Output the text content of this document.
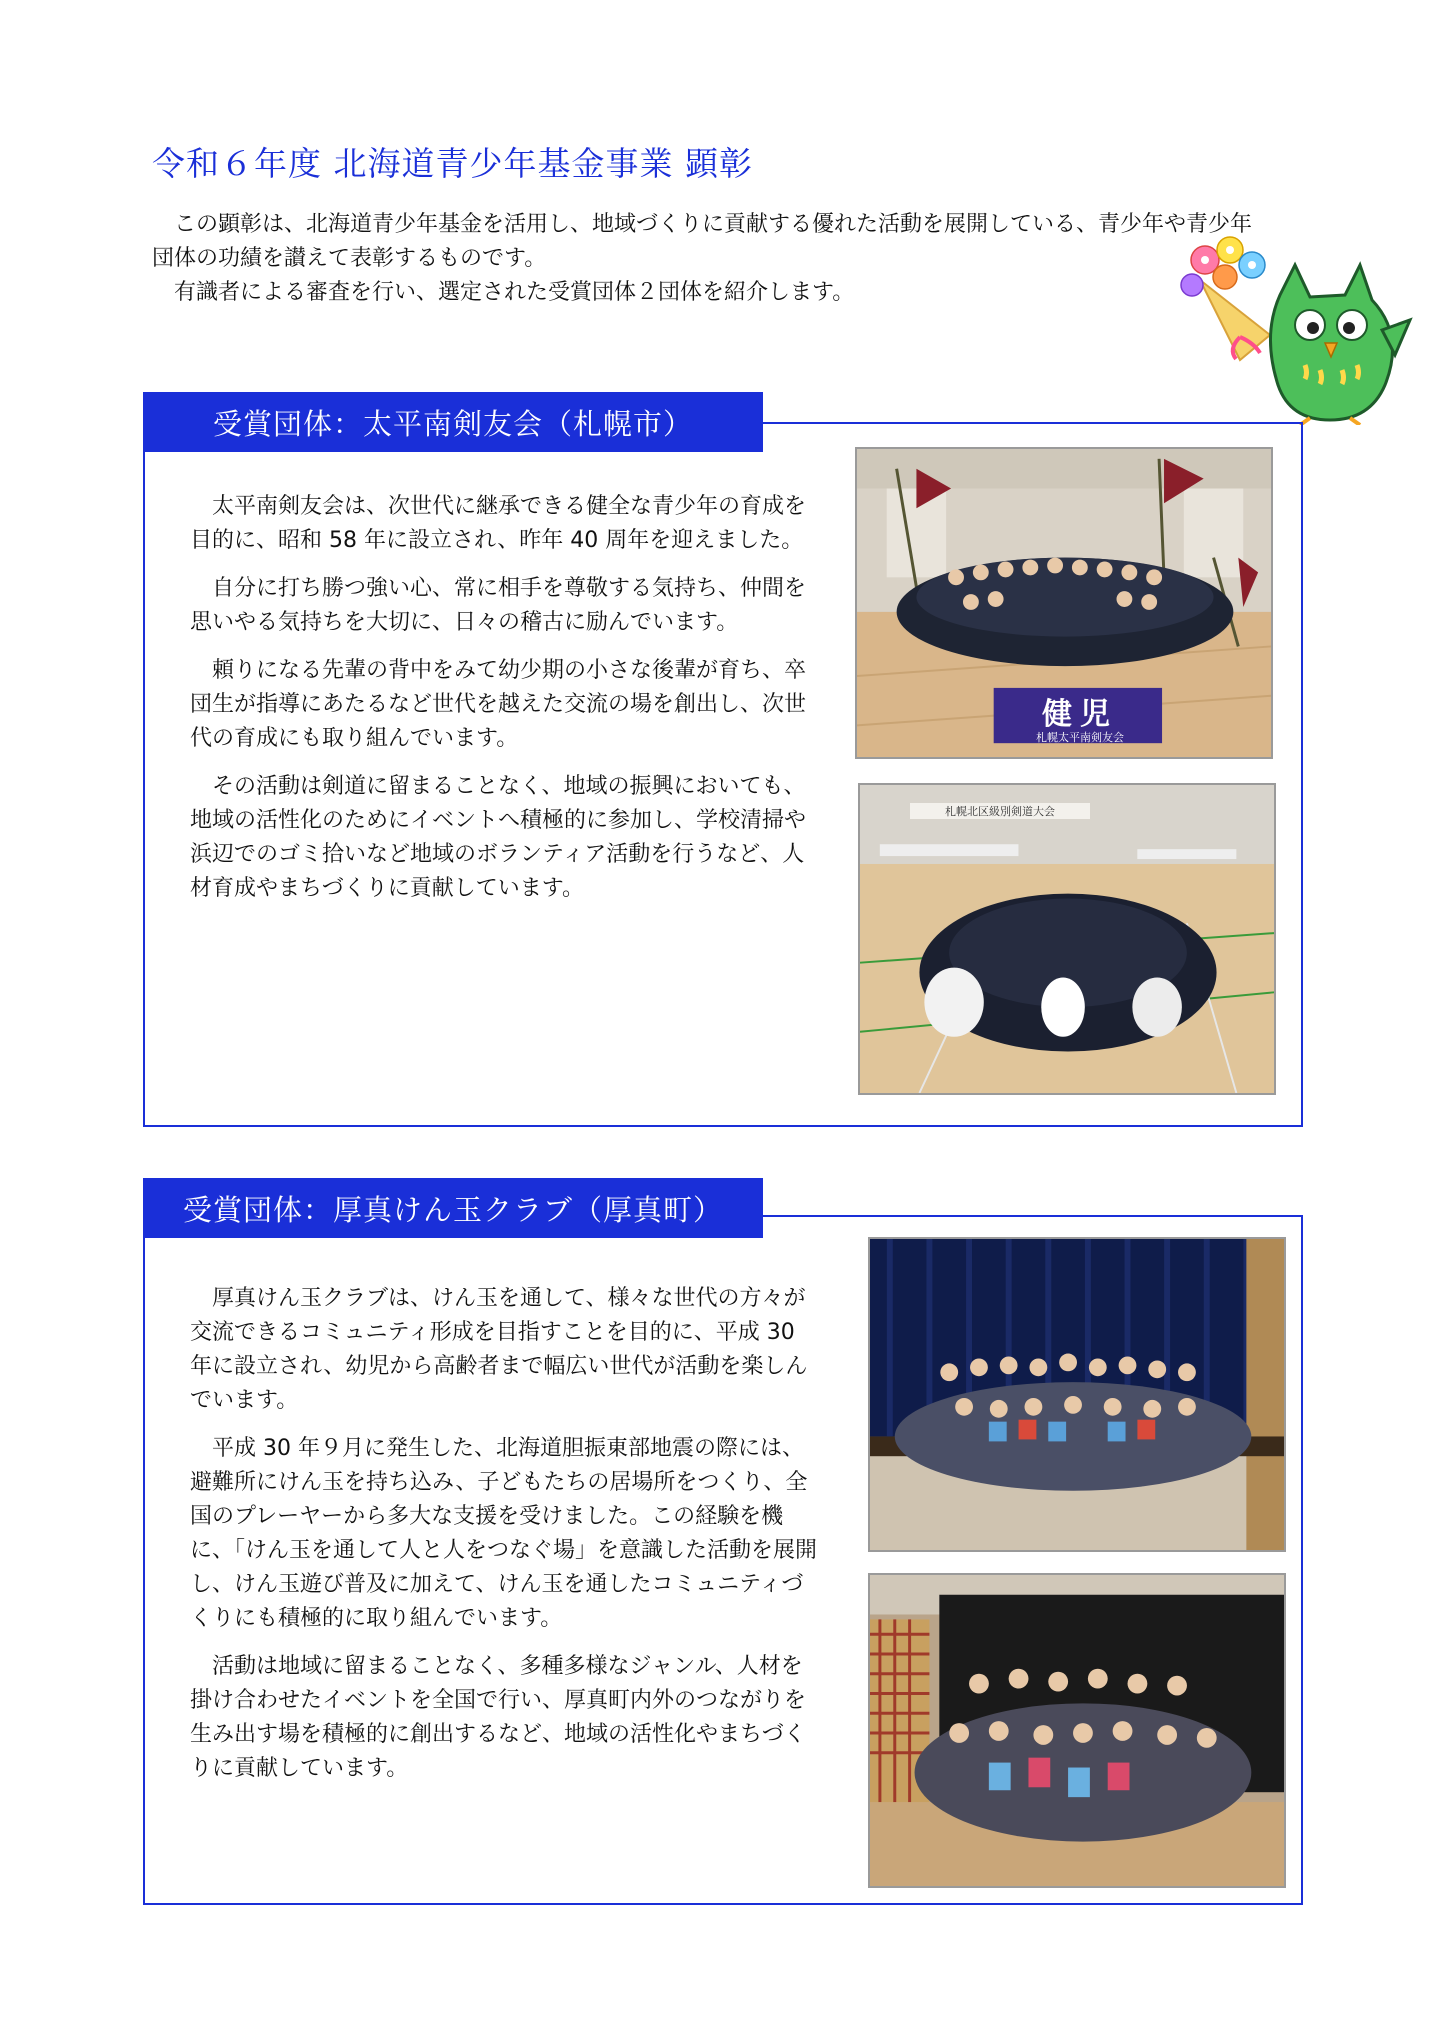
令和６年度 北海道青少年基金事業 顕彰

この顕彰は、北海道青少年基金を活用し、地域づくりに貢献する優れた活動を展開している、青少年や青少年団体の功績を讃えて表彰するものです。

有識者による審査を行い、選定された受賞団体２団体を紹介します。

受賞団体：太平南剣友会（札幌市）

太平南剣友会は、次世代に継承できる健全な青少年の育成を目的に、昭和 58 年に設立され、昨年 40 周年を迎えました。

自分に打ち勝つ強い心、常に相手を尊敬する気持ち、仲間を思いやる気持ちを大切に、日々の稽古に励んでいます。

頼りになる先輩の背中をみて幼少期の小さな後輩が育ち、卒団生が指導にあたるなど世代を越えた交流の場を創出し、次世代の育成にも取り組んでいます。

その活動は剣道に留まることなく、地域の振興においても、地域の活性化のためにイベントへ積極的に参加し、学校清掃や浜辺でのゴミ拾いなど地域のボランティア活動を行うなど、人材育成やまちづくりに貢献しています。

健児
札幌太平南剣友会
札幌北区級別剣道大会
受賞団体：厚真けん玉クラブ（厚真町）

厚真けん玉クラブは、けん玉を通して、様々な世代の方々が交流できるコミュニティ形成を目指すことを目的に、平成 30 年に設立され、幼児から高齢者まで幅広い世代が活動を楽しんでいます。

平成 30 年９月に発生した、北海道胆振東部地震の際には、避難所にけん玉を持ち込み、子どもたちの居場所をつくり、全国のプレーヤーから多大な支援を受けました。この経験を機に、「けん玉を通して人と人をつなぐ場」を意識した活動を展開し、けん玉遊び普及に加えて、けん玉を通したコミュニティづくりにも積極的に取り組んでいます。

活動は地域に留まることなく、多種多様なジャンル、人材を掛け合わせたイベントを全国で行い、厚真町内外のつながりを生み出す場を積極的に創出するなど、地域の活性化やまちづくりに貢献しています。
